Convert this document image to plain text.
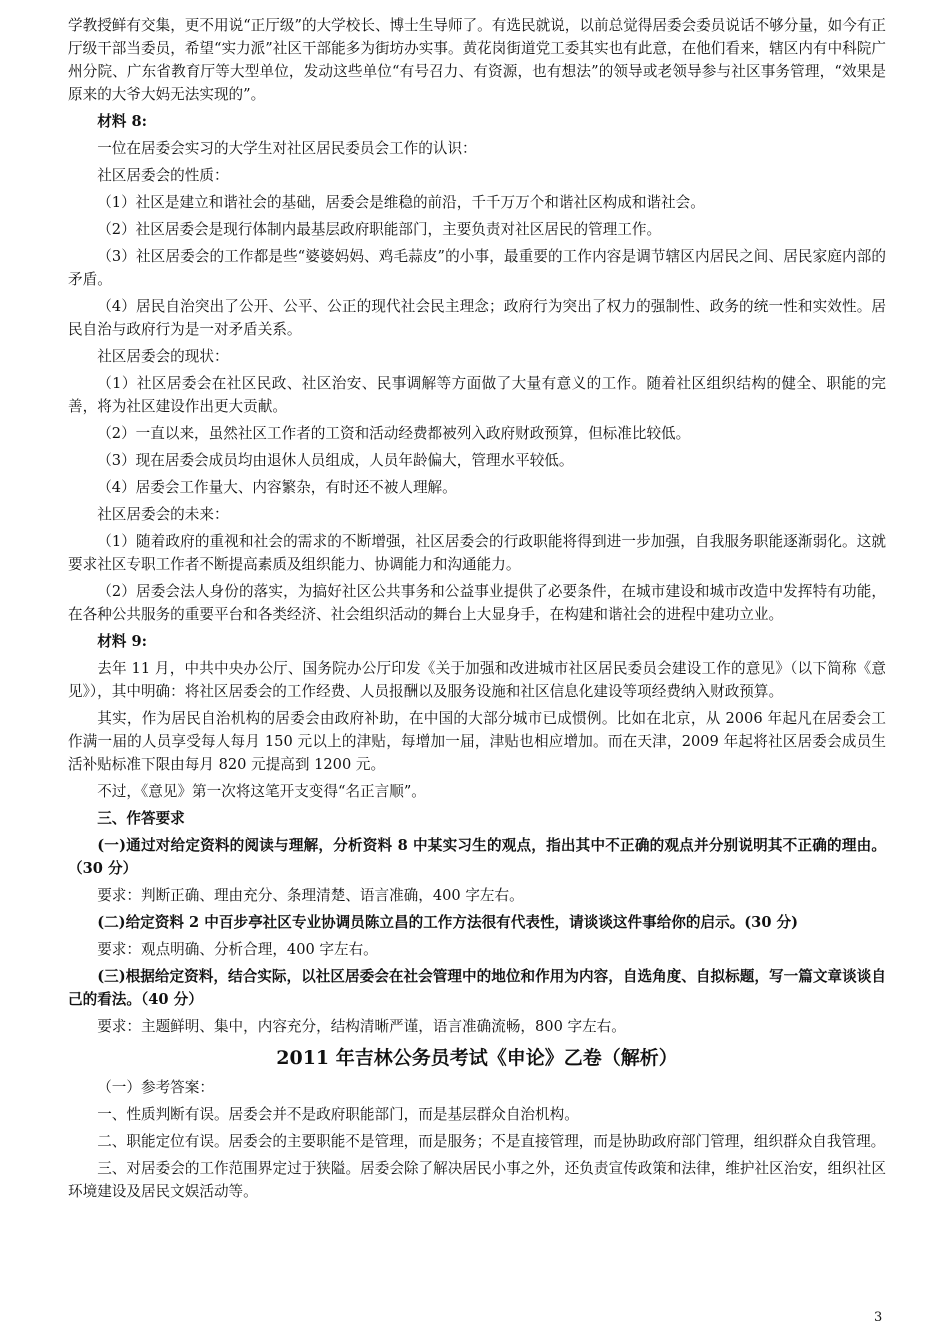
学教授鲜有交集，更不用说“正厅级”的大学校长、博士生导师了。有选民就说，以前总觉得居委会委员说话不够分量，如今有正厅级干部当委员，希望“实力派”社区干部能多为街坊办实事。黄花岗街道党工委其实也有此意，在他们看来，辖区内有中科院广州分院、广东省教育厅等大型单位，发动这些单位“有号召力、有资源，也有想法”的领导或老领导参与社区事务管理，“效果是原来的大爷大妈无法实现的”。

材料 8:

一位在居委会实习的大学生对社区居民委员会工作的认识：

社区居委会的性质：

（1）社区是建立和谐社会的基础，居委会是维稳的前沿，千千万万个和谐社区构成和谐社会。

（2）社区居委会是现行体制内最基层政府职能部门，主要负责对社区居民的管理工作。

（3）社区居委会的工作都是些“婆婆妈妈、鸡毛蒜皮”的小事，最重要的工作内容是调节辖区内居民之间、居民家庭内部的矛盾。

（4）居民自治突出了公开、公平、公正的现代社会民主理念；政府行为突出了权力的强制性、政务的统一性和实效性。居民自治与政府行为是一对矛盾关系。

社区居委会的现状：

（1）社区居委会在社区民政、社区治安、民事调解等方面做了大量有意义的工作。随着社区组织结构的健全、职能的完善，将为社区建设作出更大贡献。

（2）一直以来，虽然社区工作者的工资和活动经费都被列入政府财政预算，但标准比较低。

（3）现在居委会成员均由退休人员组成，人员年龄偏大，管理水平较低。

（4）居委会工作量大、内容繁杂，有时还不被人理解。

社区居委会的未来：

（1）随着政府的重视和社会的需求的不断增强，社区居委会的行政职能将得到进一步加强，自我服务职能逐渐弱化。这就要求社区专职工作者不断提高素质及组织能力、协调能力和沟通能力。

（2）居委会法人身份的落实，为搞好社区公共事务和公益事业提供了必要条件，在城市建设和城市改造中发挥特有功能，在各种公共服务的重要平台和各类经济、社会组织活动的舞台上大显身手，在构建和谐社会的进程中建功立业。

材料 9:

去年 11 月，中共中央办公厅、国务院办公厅印发《关于加强和改进城市社区居民委员会建设工作的意见》（以下简称《意见》），其中明确：将社区居委会的工作经费、人员报酬以及服务设施和社区信息化建设等项经费纳入财政预算。

其实，作为居民自治机构的居委会由政府补助，在中国的大部分城市已成惯例。比如在北京，从 2006 年起凡在居委会工作满一届的人员享受每人每月 150 元以上的津贴，每增加一届，津贴也相应增加。而在天津，2009 年起将社区居委会成员生活补贴标准下限由每月 820 元提高到 1200 元。

不过，《意见》第一次将这笔开支变得“名正言顺”。

三、作答要求

(一)通过对给定资料的阅读与理解，分析资料 8 中某实习生的观点，指出其中不正确的观点并分别说明其不正确的理由。（30 分）

要求：判断正确、理由充分、条理清楚、语言准确，400 字左右。

(二)给定资料 2 中百步亭社区专业协调员陈立昌的工作方法很有代表性，请谈谈这件事给你的启示。(30 分)

要求：观点明确、分析合理，400 字左右。

(三)根据给定资料，结合实际，以社区居委会在社会管理中的地位和作用为内容，自选角度、自拟标题，写一篇文章谈谈自己的看法。（40 分）

要求：主题鲜明、集中，内容充分，结构清晰严谨，语言准确流畅，800 字左右。

2011 年吉林公务员考试《申论》乙卷（解析）

（一）参考答案：

一、性质判断有误。居委会并不是政府职能部门，而是基层群众自治机构。

二、职能定位有误。居委会的主要职能不是管理，而是服务；不是直接管理，而是协助政府部门管理，组织群众自我管理。

三、对居委会的工作范围界定过于狭隘。居委会除了解决居民小事之外，还负责宣传政策和法律，维护社区治安，组织社区环境建设及居民文娱活动等。

3
